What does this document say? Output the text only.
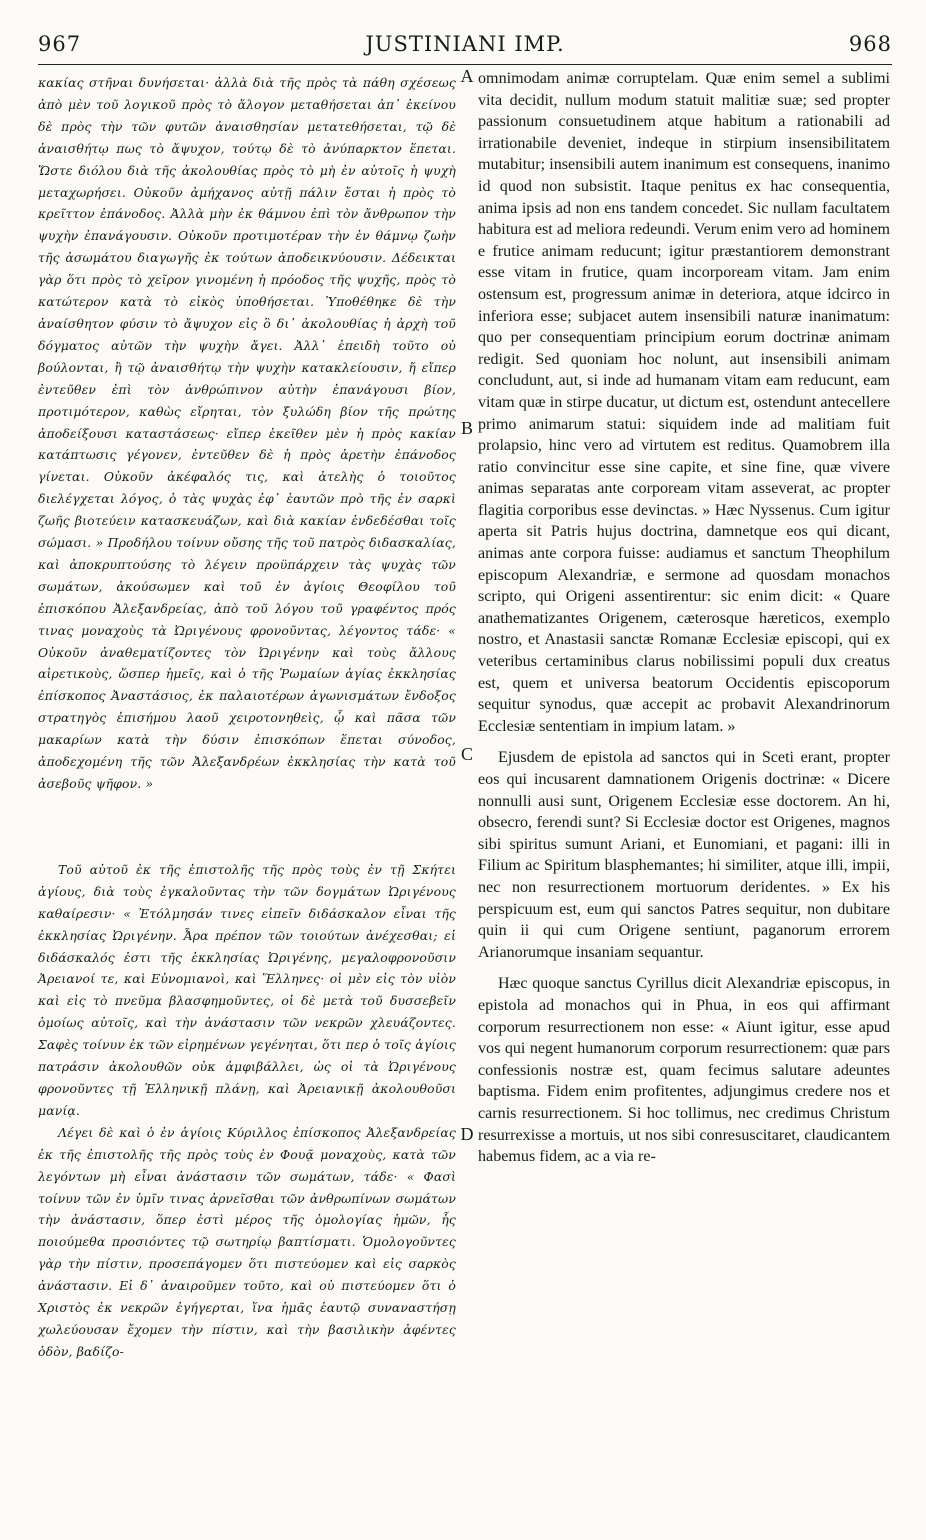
967	JUSTINIANI IMP.	968

κακίας στῆναι δυνήσεται· ἀλλὰ διὰ τῆς πρὸς τὰ πάθη σχέσεως ἀπὸ μὲν τοῦ λογικοῦ πρὸς τὸ ἄλογον μεταθήσεται ἀπ᾽ ἐκείνου δὲ πρὸς τὴν τῶν φυτῶν ἀναισθησίαν μετατεθήσεται, τῷ δὲ ἀναισθήτῳ πως τὸ ἄψυχον, τούτῳ δὲ τὸ ἀνύπαρκτον ἕπεται. Ὥστε διόλου διὰ τῆς ἀκολουθίας πρὸς τὸ μὴ ἐν αὐτοῖς ἡ ψυχὴ μεταχωρήσει. Οὐκοῦν ἀμήχανος αὐτῇ πάλιν ἔσται ἡ πρὸς τὸ κρεῖττον ἐπάνοδος. Ἀλλὰ μὴν ἐκ θάμνου ἐπὶ τὸν ἄνθρωπον τὴν ψυχὴν ἐπανάγουσιν. Οὐκοῦν προτιμοτέραν τὴν ἐν θάμνῳ ζωὴν τῆς ἀσωμάτου διαγωγῆς ἐκ τούτων ἀποδεικνύουσιν. Δέδεικται γὰρ ὅτι πρὸς τὸ χεῖρον γινομένη ἡ πρόοδος τῆς ψυχῆς, πρὸς τὸ κατώτερον κατὰ τὸ εἰκὸς ὑποθήσεται. Ὑποθέθηκε δὲ τὴν ἀναίσθητον φύσιν τὸ ἄψυχον εἰς ὃ δι᾽ ἀκολουθίας ἡ ἀρχὴ τοῦ δόγματος αὐτῶν τὴν ψυχὴν ἄγει. Ἀλλ᾽ ἐπειδὴ τοῦτο οὐ βούλονται, ἢ τῷ ἀναισθήτῳ τὴν ψυχὴν κατακλείουσιν, ἤ εἴπερ ἐντεῦθεν ἐπὶ τὸν ἀνθρώπινον αὐτὴν ἐπανάγουσι βίον, προτιμότερον, καθὼς εἴρηται, τὸν ξυλώδη βίον τῆς πρώτης ἀποδείξουσι καταστάσεως· εἴπερ ἐκεῖθεν μὲν ἡ πρὸς κακίαν κατάπτωσις γέγονεν, ἐντεῦθεν δὲ ἡ πρὸς ἀρετὴν ἐπάνοδος γίνεται. Οὐκοῦν ἀκέφαλός τις, καὶ ἀτελὴς ὁ τοιοῦτος διελέγχεται λόγος, ὁ τὰς ψυχὰς ἐφ᾽ ἑαυτῶν πρὸ τῆς ἐν σαρκὶ ζωῆς βιοτεύειν κατασκευάζων, καὶ διὰ κακίαν ἐνδεδέσθαι τοῖς σώμασι. » Προδήλου τοίνυν οὔσης τῆς τοῦ πατρὸς διδασκαλίας, καὶ ἀποκρυπτούσης τὸ λέγειν προϋπάρχειν τὰς ψυχὰς τῶν σωμάτων, ἀκούσωμεν καὶ τοῦ ἐν ἁγίοις Θεοφίλου τοῦ ἐπισκόπου Ἀλεξανδρείας, ἀπὸ τοῦ λόγου τοῦ γραφέντος πρός τινας μοναχοὺς τὰ Ὠριγένους φρονοῦντας, λέγοντος τάδε· « Οὐκοῦν ἀναθεματίζοντες τὸν Ὠριγένην καὶ τοὺς ἄλλους αἱρετικοὺς, ὥσπερ ἡμεῖς, καὶ ὁ τῆς Ῥωμαίων ἁγίας ἐκκλησίας ἐπίσκοπος Ἀναστάσιος, ἐκ παλαιοτέρων ἀγωνισμάτων ἔνδοξος στρατηγὸς ἐπισήμου λαοῦ χειροτονηθεὶς, ᾧ καὶ πᾶσα τῶν μακαρίων κατὰ τὴν δύσιν ἐπισκόπων ἕπεται σύνοδος, ἀποδεχομένη τῆς τῶν Ἀλεξανδρέων ἐκκλησίας τὴν κατὰ τοῦ ἀσεβοῦς ψῆφον. »

Τοῦ αὐτοῦ ἐκ τῆς ἐπιστολῆς τῆς πρὸς τοὺς ἐν τῇ Σκήτει ἁγίους, διὰ τοὺς ἐγκαλοῦντας τὴν τῶν δογμάτων Ὠριγένους καθαίρεσιν· « Ἐτόλμησάν τινες εἰπεῖν διδάσκαλον εἶναι τῆς ἐκκλησίας Ὠριγένην. Ἆρα πρέπον τῶν τοιούτων ἀνέχεσθαι; εἰ διδάσκαλός ἐστι τῆς ἐκκλησίας Ὠριγένης, μεγαλοφρονοῦσιν Ἀρειανοί τε, καὶ Εὐνομιανοὶ, καὶ Ἕλληνες· οἱ μὲν εἰς τὸν υἱὸν καὶ εἰς τὸ πνεῦμα βλασφημοῦντες, οἱ δὲ μετὰ τοῦ δυσσεβεῖν ὁμοίως αὐτοῖς, καὶ τὴν ἀνάστασιν τῶν νεκρῶν χλευάζοντες. Σαφὲς τοίνυν ἐκ τῶν εἰρημένων γεγένηται, ὅτι περ ὁ τοῖς ἁγίοις πατράσιν ἀκολουθῶν οὐκ ἀμφιβάλλει, ὡς οἱ τὰ Ὠριγένους φρονοῦντες τῇ Ἑλληνικῇ πλάνῃ, καὶ Ἀρειανικῇ ἀκολουθοῦσι μανίᾳ.

Λέγει δὲ καὶ ὁ ἐν ἁγίοις Κύριλλος ἐπίσκοπος Ἀλεξανδρείας ἐκ τῆς ἐπιστολῆς τῆς πρὸς τοὺς ἐν Φουᾷ μοναχοὺς, κατὰ τῶν λεγόντων μὴ εἶναι ἀνάστασιν τῶν σωμάτων, τάδε· « Φασὶ τοίνυν τῶν ἐν ὑμῖν τινας ἀρνεῖσθαι τῶν ἀνθρωπίνων σωμάτων τὴν ἀνάστασιν, ὅπερ ἐστὶ μέρος τῆς ὁμολογίας ἡμῶν, ἧς ποιούμεθα προσιόντες τῷ σωτηρίῳ βαπτίσματι. Ὁμολογοῦντες γὰρ τὴν πίστιν, προσεπάγομεν ὅτι πιστεύομεν καὶ εἰς σαρκὸς ἀνάστασιν. Εἰ δ᾽ ἀναιροῦμεν τοῦτο, καὶ οὐ πιστεύομεν ὅτι ὁ Χριστὸς ἐκ νεκρῶν ἐγήγερται, ἵνα ἡμᾶς ἑαυτῷ συναναστήσῃ χωλεύουσαν ἔχομεν τὴν πίστιν, καὶ τὴν βασιλικὴν ἀφέντες ὁδὸν, βαδίζο-

A
B
C
D

omnimodam animæ corruptelam. Quæ enim semel a sublimi vita decidit, nullum modum statuit malitiæ suæ; sed propter passionum consuetudinem atque habitum a rationabili ad irrationabile deveniet, indeque in stirpium insensibilitatem mutabitur; insensibili autem inanimum est consequens, inanimo id quod non subsistit. Itaque penitus ex hac consequentia, anima ipsis ad non ens tandem concedet. Sic nullam facultatem habitura est ad meliora redeundi. Verum enim vero ad hominem e frutice animam reducunt; igitur præstantiorem demonstrant esse vitam in frutice, quam incorpoream vitam. Jam enim ostensum est, progressum animæ in deteriora, atque idcirco in inferiora esse; subjacet autem insensibili naturæ inanimatum: quo per consequentiam principium eorum doctrinæ animam redigit. Sed quoniam hoc nolunt, aut insensibili animam concludunt, aut, si inde ad humanam vitam eam reducunt, eam vitam quæ in stirpe ducatur, ut dictum est, ostendunt antecellere primo animarum statui: siquidem inde ad malitiam fuit prolapsio, hinc vero ad virtutem est reditus. Quamobrem illa ratio convincitur esse sine capite, et sine fine, quæ vivere animas separatas ante corpoream vitam asseverat, ac propter flagitia corporibus esse devinctas. » Hæc Nyssenus. Cum igitur aperta sit Patris hujus doctrina, damnetque eos qui dicant, animas ante corpora fuisse: audiamus et sanctum Theophilum episcopum Alexandriæ, e sermone ad quosdam monachos scripto, qui Origeni assentirentur: sic enim dicit: « Quare anathematizantes Origenem, cæterosque hæreticos, exemplo nostro, et Anastasii sanctæ Romanæ Ecclesiæ episcopi, qui ex veteribus certaminibus clarus nobilissimi populi dux creatus est, quem et universa beatorum Occidentis episcoporum sequitur synodus, quæ accepit ac probavit Alexandrinorum Ecclesiæ sententiam in impium latam. »

Ejusdem de epistola ad sanctos qui in Sceti erant, propter eos qui incusarent damnationem Origenis doctrinæ: « Dicere nonnulli ausi sunt, Origenem Ecclesiæ esse doctorem. An hi, obsecro, ferendi sunt? Si Ecclesiæ doctor est Origenes, magnos sibi spiritus sumunt Ariani, et Eunomiani, et pagani: illi in Filium ac Spiritum blasphemantes; hi similiter, atque illi, impii, nec non resurrectionem mortuorum deridentes. » Ex his perspicuum est, eum qui sanctos Patres sequitur, non dubitare quin ii qui cum Origene sentiunt, paganorum errorem Arianorumque insaniam sequantur.

Hæc quoque sanctus Cyrillus dicit Alexandriæ episcopus, in epistola ad monachos qui in Phua, in eos qui affirmant corporum resurrectionem non esse: « Aiunt igitur, esse apud vos qui negent humanorum corporum resurrectionem: quæ pars confessionis nostræ est, quam fecimus salutare adeuntes baptisma. Fidem enim profitentes, adjungimus credere nos et carnis resurrectionem. Si hoc tollimus, nec credimus Christum resurrexisse a mortuis, ut nos sibi conresuscitaret, claudicantem habemus fidem, ac a via re-
